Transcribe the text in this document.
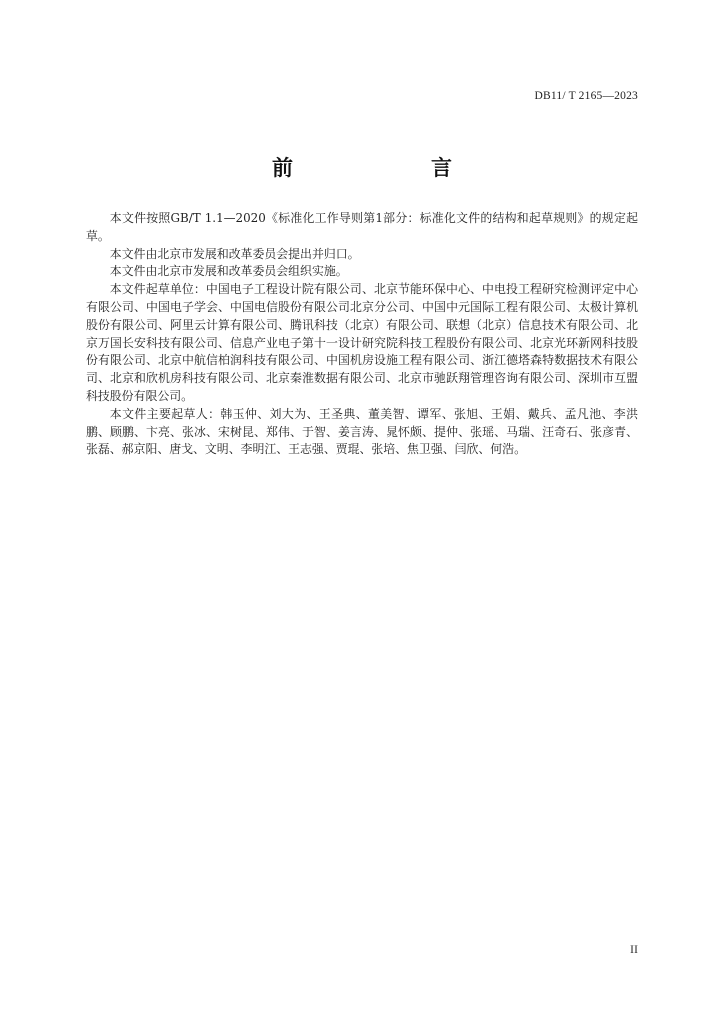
DB11/ T 2165—2023
前　　言

本文件按照GB/T 1.1—2020《标准化工作导则第1部分：标准化文件的结构和起草规则》的规定起草。

本文件由北京市发展和改革委员会提出并归口。

本文件由北京市发展和改革委员会组织实施。

本文件起草单位：中国电子工程设计院有限公司、北京节能环保中心、中电投工程研究检测评定中心有限公司、中国电子学会、中国电信股份有限公司北京分公司、中国中元国际工程有限公司、太极计算机股份有限公司、阿里云计算有限公司、腾讯科技（北京）有限公司、联想（北京）信息技术有限公司、北京万国长安科技有限公司、信息产业电子第十一设计研究院科技工程股份有限公司、北京光环新网科技股份有限公司、北京中航信柏润科技有限公司、中国机房设施工程有限公司、浙江德塔森特数据技术有限公司、北京和欣机房科技有限公司、北京秦淮数据有限公司、北京市驰跃翔管理咨询有限公司、深圳市互盟科技股份有限公司。

本文件主要起草人：韩玉仲、刘大为、王圣典、董美智、谭军、张旭、王娟、戴兵、孟凡池、李洪鹏、顾鹏、卞亮、张冰、宋树昆、郑伟、于智、姜言涛、晁怀颇、提仲、张瑶、马瑞、汪奇石、张彦青、张磊、郝京阳、唐戈、文明、李明江、王志强、贾琨、张培、焦卫强、闫欣、何浩。

II
